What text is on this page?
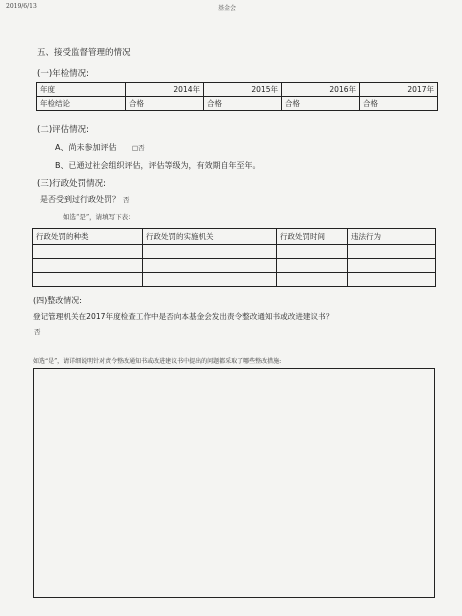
2019/6/13	基金会
五、接受监督管理的情况
(一)年检情况:
年度	2014年	2015年	2016年	2017年
年检结论	合格	合格	合格	合格
(二)评估情况:
A、尚未参加评估 □否
B、已通过社会组织评估，评估等级为，有效期自年至年。
(三)行政处罚情况:
是否受到过行政处罚？ 否
如选“是”，请填写下表：
行政处罚的种类	行政处罚的实施机关	行政处罚时间	违法行为

(四)整改情况:
登记管理机关在2017年度检查工作中是否向本基金会发出责令整改通知书或改进建议书？
否
如选“是”，请详细说明针对责令整改通知书或改进建议书中提出的问题都采取了哪些整改措施:
